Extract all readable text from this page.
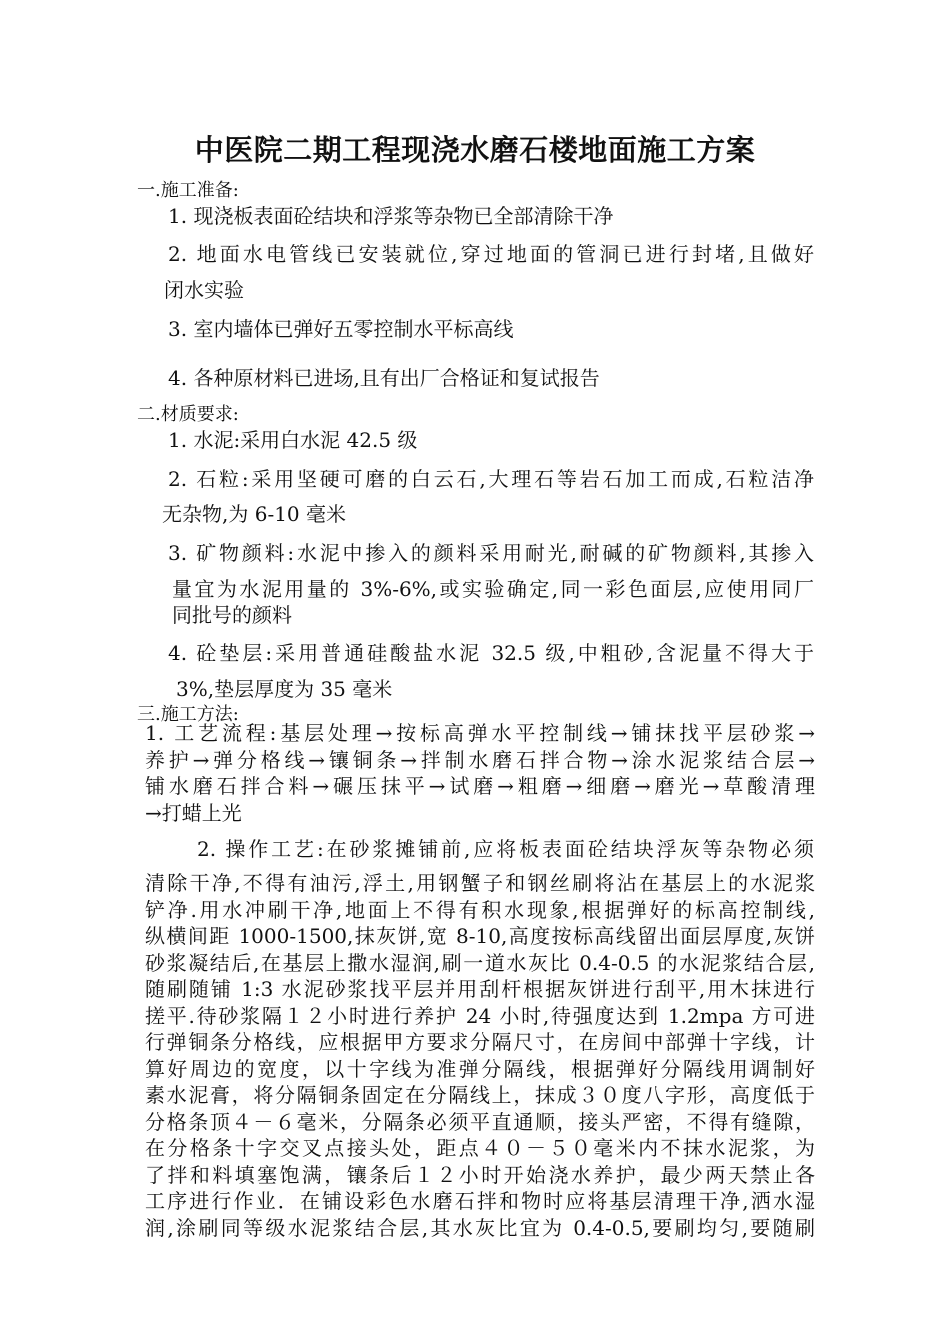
中医院二期工程现浇水磨石楼地面施工方案
一.施工准备:
1. 现浇板表面砼结块和浮浆等杂物已全部清除干净
2. 地面水电管线已安装就位,穿过地面的管洞已进行封堵,且做好
闭水实验
3. 室内墙体已弹好五零控制水平标高线
4. 各种原材料已进场,且有出厂合格证和复试报告
二.材质要求:
1. 水泥:采用白水泥 42.5 级
2. 石粒:采用坚硬可磨的白云石,大理石等岩石加工而成,石粒洁净
无杂物,为 6-10 毫米
3. 矿物颜料:水泥中掺入的颜料采用耐光,耐碱的矿物颜料,其掺入
量宜为水泥用量的 3%-6%,或实验确定,同一彩色面层,应使用同厂
同批号的颜料
4. 砼垫层:采用普通硅酸盐水泥 32.5 级,中粗砂,含泥量不得大于
3%,垫层厚度为 35 毫米
三.施工方法:
1. 工艺流程:基层处理→按标高弹水平控制线→铺抹找平层砂浆→
养护→弹分格线→镶铜条→拌制水磨石拌合物→涂水泥浆结合层→
铺水磨石拌合料→碾压抹平→试磨→粗磨→细磨→磨光→草酸清理
→打蜡上光
2. 操作工艺:在砂浆摊铺前,应将板表面砼结块浮灰等杂物必须
清除干净,不得有油污,浮土,用钢蟹子和钢丝刷将沾在基层上的水泥浆
铲净.用水冲刷干净,地面上不得有积水现象,根据弹好的标高控制线,
纵横间距 1000-1500,抹灰饼,宽 8-10,高度按标高线留出面层厚度,灰饼
砂浆凝结后,在基层上撒水湿润,刷一道水灰比 0.4-0.5 的水泥浆结合层,
随刷随铺 1:3 水泥砂浆找平层并用刮杆根据灰饼进行刮平,用木抹进行
搓平.待砂浆隔１２小时进行养护 24 小时,待强度达到 1.2mpa 方可进
行弹铜条分格线，应根据甲方要求分隔尺寸，在房间中部弹十字线，计
算好周边的宽度，以十字线为准弹分隔线，根据弹好分隔线用调制好
素水泥膏，将分隔铜条固定在分隔线上，抹成３０度八字形，高度低于
分格条顶４－６毫米，分隔条必须平直通顺，接头严密，不得有缝隙，
在分格条十字交叉点接头处，距点４０－５０毫米内不抹水泥浆，为
了拌和料填塞饱满，镶条后１２小时开始浇水养护，最少两天禁止各
工序进行作业．在铺设彩色水磨石拌和物时应将基层清理干净,洒水湿
润,涂刷同等级水泥浆结合层,其水灰比宜为 0.4-0.5,要刷均匀,要随刷
